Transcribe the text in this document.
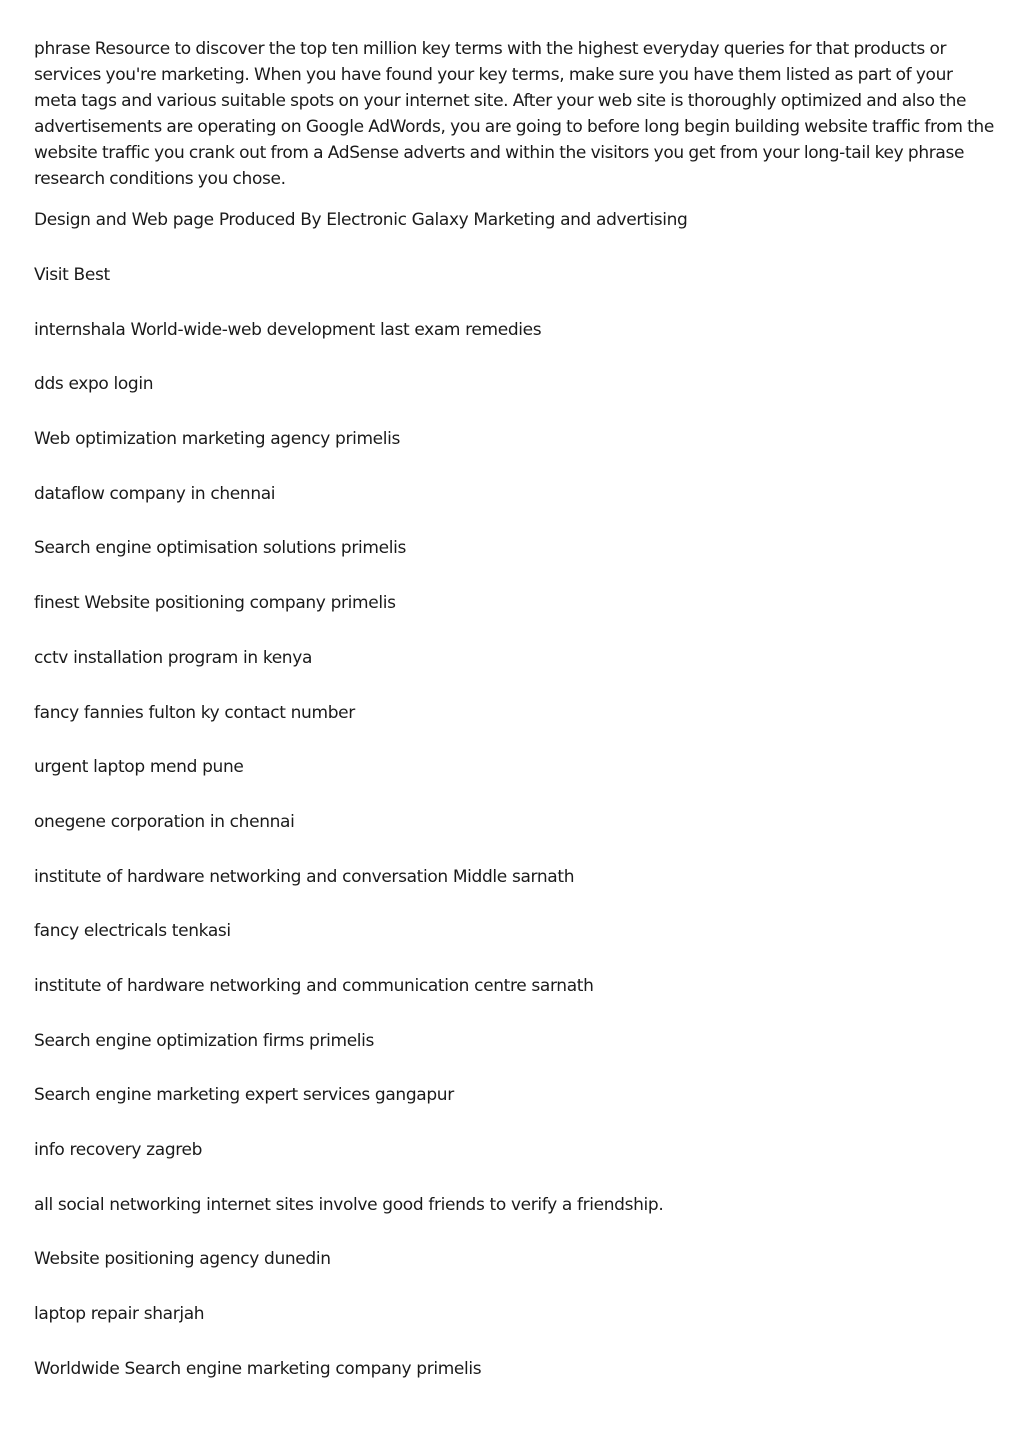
phrase Resource to discover the top ten million key terms with the highest everyday queries for that products or services you're marketing. When you have found your key terms, make sure you have them listed as part of your meta tags and various suitable spots on your internet site. After your web site is thoroughly optimized and also the advertisements are operating on Google AdWords, you are going to before long begin building website traffic from the website traffic you crank out from a AdSense adverts and within the visitors you get from your long-tail key phrase research conditions you chose.

Design and Web page Produced By Electronic Galaxy Marketing and advertising

Visit Best

internshala World-wide-web development last exam remedies
dds expo login
Web optimization marketing agency primelis
dataflow company in chennai
Search engine optimisation solutions primelis
finest Website positioning company primelis
cctv installation program in kenya
fancy fannies fulton ky contact number
urgent laptop mend pune
onegene corporation in chennai
institute of hardware networking and conversation Middle sarnath
fancy electricals tenkasi
institute of hardware networking and communication centre sarnath
Search engine optimization firms primelis
Search engine marketing expert services gangapur
info recovery zagreb
all social networking internet sites involve good friends to verify a friendship.
Website positioning agency dunedin
laptop repair sharjah
Worldwide Search engine marketing company primelis
